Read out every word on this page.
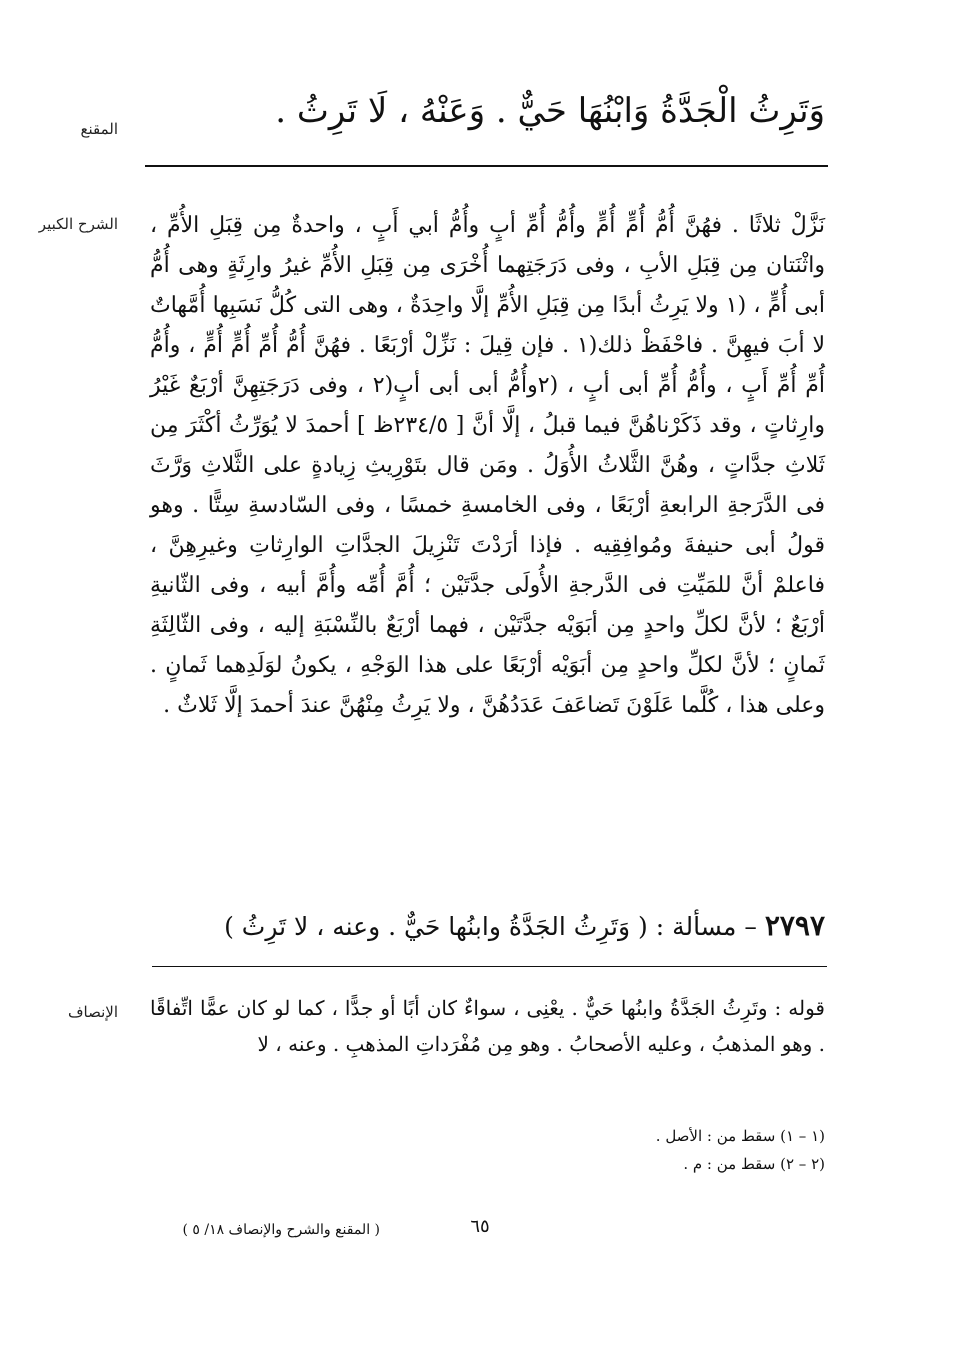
المقنع	وَتَرِثُ الْجَدَّةُ وَابْنُهَا حَيٌّ . وَعَنْهُ ، لَا تَرِثُ .
الشرح الكبير نَزَّلْ ثلاثًا . فهُنَّ أُمُّ أُمٍّ أُمٍّ وأُمُّ أُمِّ أبٍ وأُمُّ أبي أَبٍ ، واحدةٌ مِن قِبَلِ الأُمِّ ، واثْنَتان مِن قِبَلِ الأبِ ، وفى دَرَجَتِهما أُخْرَى مِن قِبَلِ الأُمِّ غيرُ وارِثَةٍ وهى أُمُّ أبى أُمٍّ ، (١ ولا يَرِثُ أبدًا مِن قِبَلِ الأُمِّ إلَّا واحِدَةٌ ، وهى التى كُلُّ نَسَبِها أُمَّهاتٌ لا أبَ فيهِنَّ . فاحْفَظْ ذلك(١ . فإن قِيلَ : نَزِّلْ أرْبَعًا . فهُنَّ أُمُّ أُمِّ أُمٍّ أُمٍّ ، وأُمُّ أُمِّ أُمِّ أَبٍ ، وأُمُّ أُمِّ أبى أبٍ ، (٢وأُمُّ أبى أبى أبٍ(٢ ، وفى دَرَجَتِهِنَّ أرْبَعٌ غَيْرُ وارِثاتٍ ، وقد ذَكَرْناهُنَّ فيما قبلُ ، إلَّا أنَّ [ ٢٣٤/٥ظ ] أحمدَ لا يُوَرِّثُ أكْثَرَ مِن ثَلاثِ جدَّاتٍ ، وهُنَّ الثَّلاثُ الأُوَلُ . ومَن قال بتَوْرِيثِ زِيادةٍ على الثَّلاثِ وَرَّثَ فى الدَّرَجةِ الرابعةِ أرْبَعًا ، وفى الخامسةِ خمسًا ، وفى السّادسةِ سِتًّا . وهو قولُ أبى حنيفةَ ومُوافِقِيه . فإذا أرَدْتَ تَنْزِيلَ الجدَّاتِ الوارِثاتِ وغيرِهِنَّ ، فاعلمْ أنَّ للمَيِّتِ فى الدَّرجةِ الأُولَى جدَّتَيْن ؛ أُمَّ أُمِّه وأُمَّ أبيه ، وفى الثّانيةِ أرْبَعٌ ؛ لأنَّ لكلِّ واحدٍ مِن أبَوَيْه جدَّتَيْن ، فهما أرْبَعٌ بالنِّسْبَةِ إليه ، وفى الثّالِثَةِ ثَمانٍ ؛ لأنَّ لكلِّ واحدٍ مِن أبَوَيْه أرْبَعًا على هذا الوَجْهِ ، يكونُ لوَلَدِهما ثَمانٍ . وعلى هذا ، كُلَّما عَلَوْنَ تَضاعَفَ عَدَدُهُنَّ ، ولا يَرِثُ مِنْهُنَّ عندَ أحمدَ إلَّا ثَلاثٌ .
٢٧٩٧ – مسألة : ( وَتَرِثُ الجَدَّةُ وابنُها حَيٌّ . وعنه ، لا تَرِثُ )
الإنصاف قوله : وتَرِثُ الجَدَّةُ وابنُها حَيٌّ . يعْنِى ، سواءٌ كان أبًا أو جدًّا ، كما لو كان عمًّا اتِّفاقًا . وهو المذهبُ ، وعليه الأصحابُ . وهو مِن مُفْرَداتِ المذهبِ . وعنه ، لا
(١ – ١) سقط من : الأصل .
(٢ – ٢) سقط من : م .
٦٥
( المقنع والشرح والإنصاف ١٨/ ٥ )
